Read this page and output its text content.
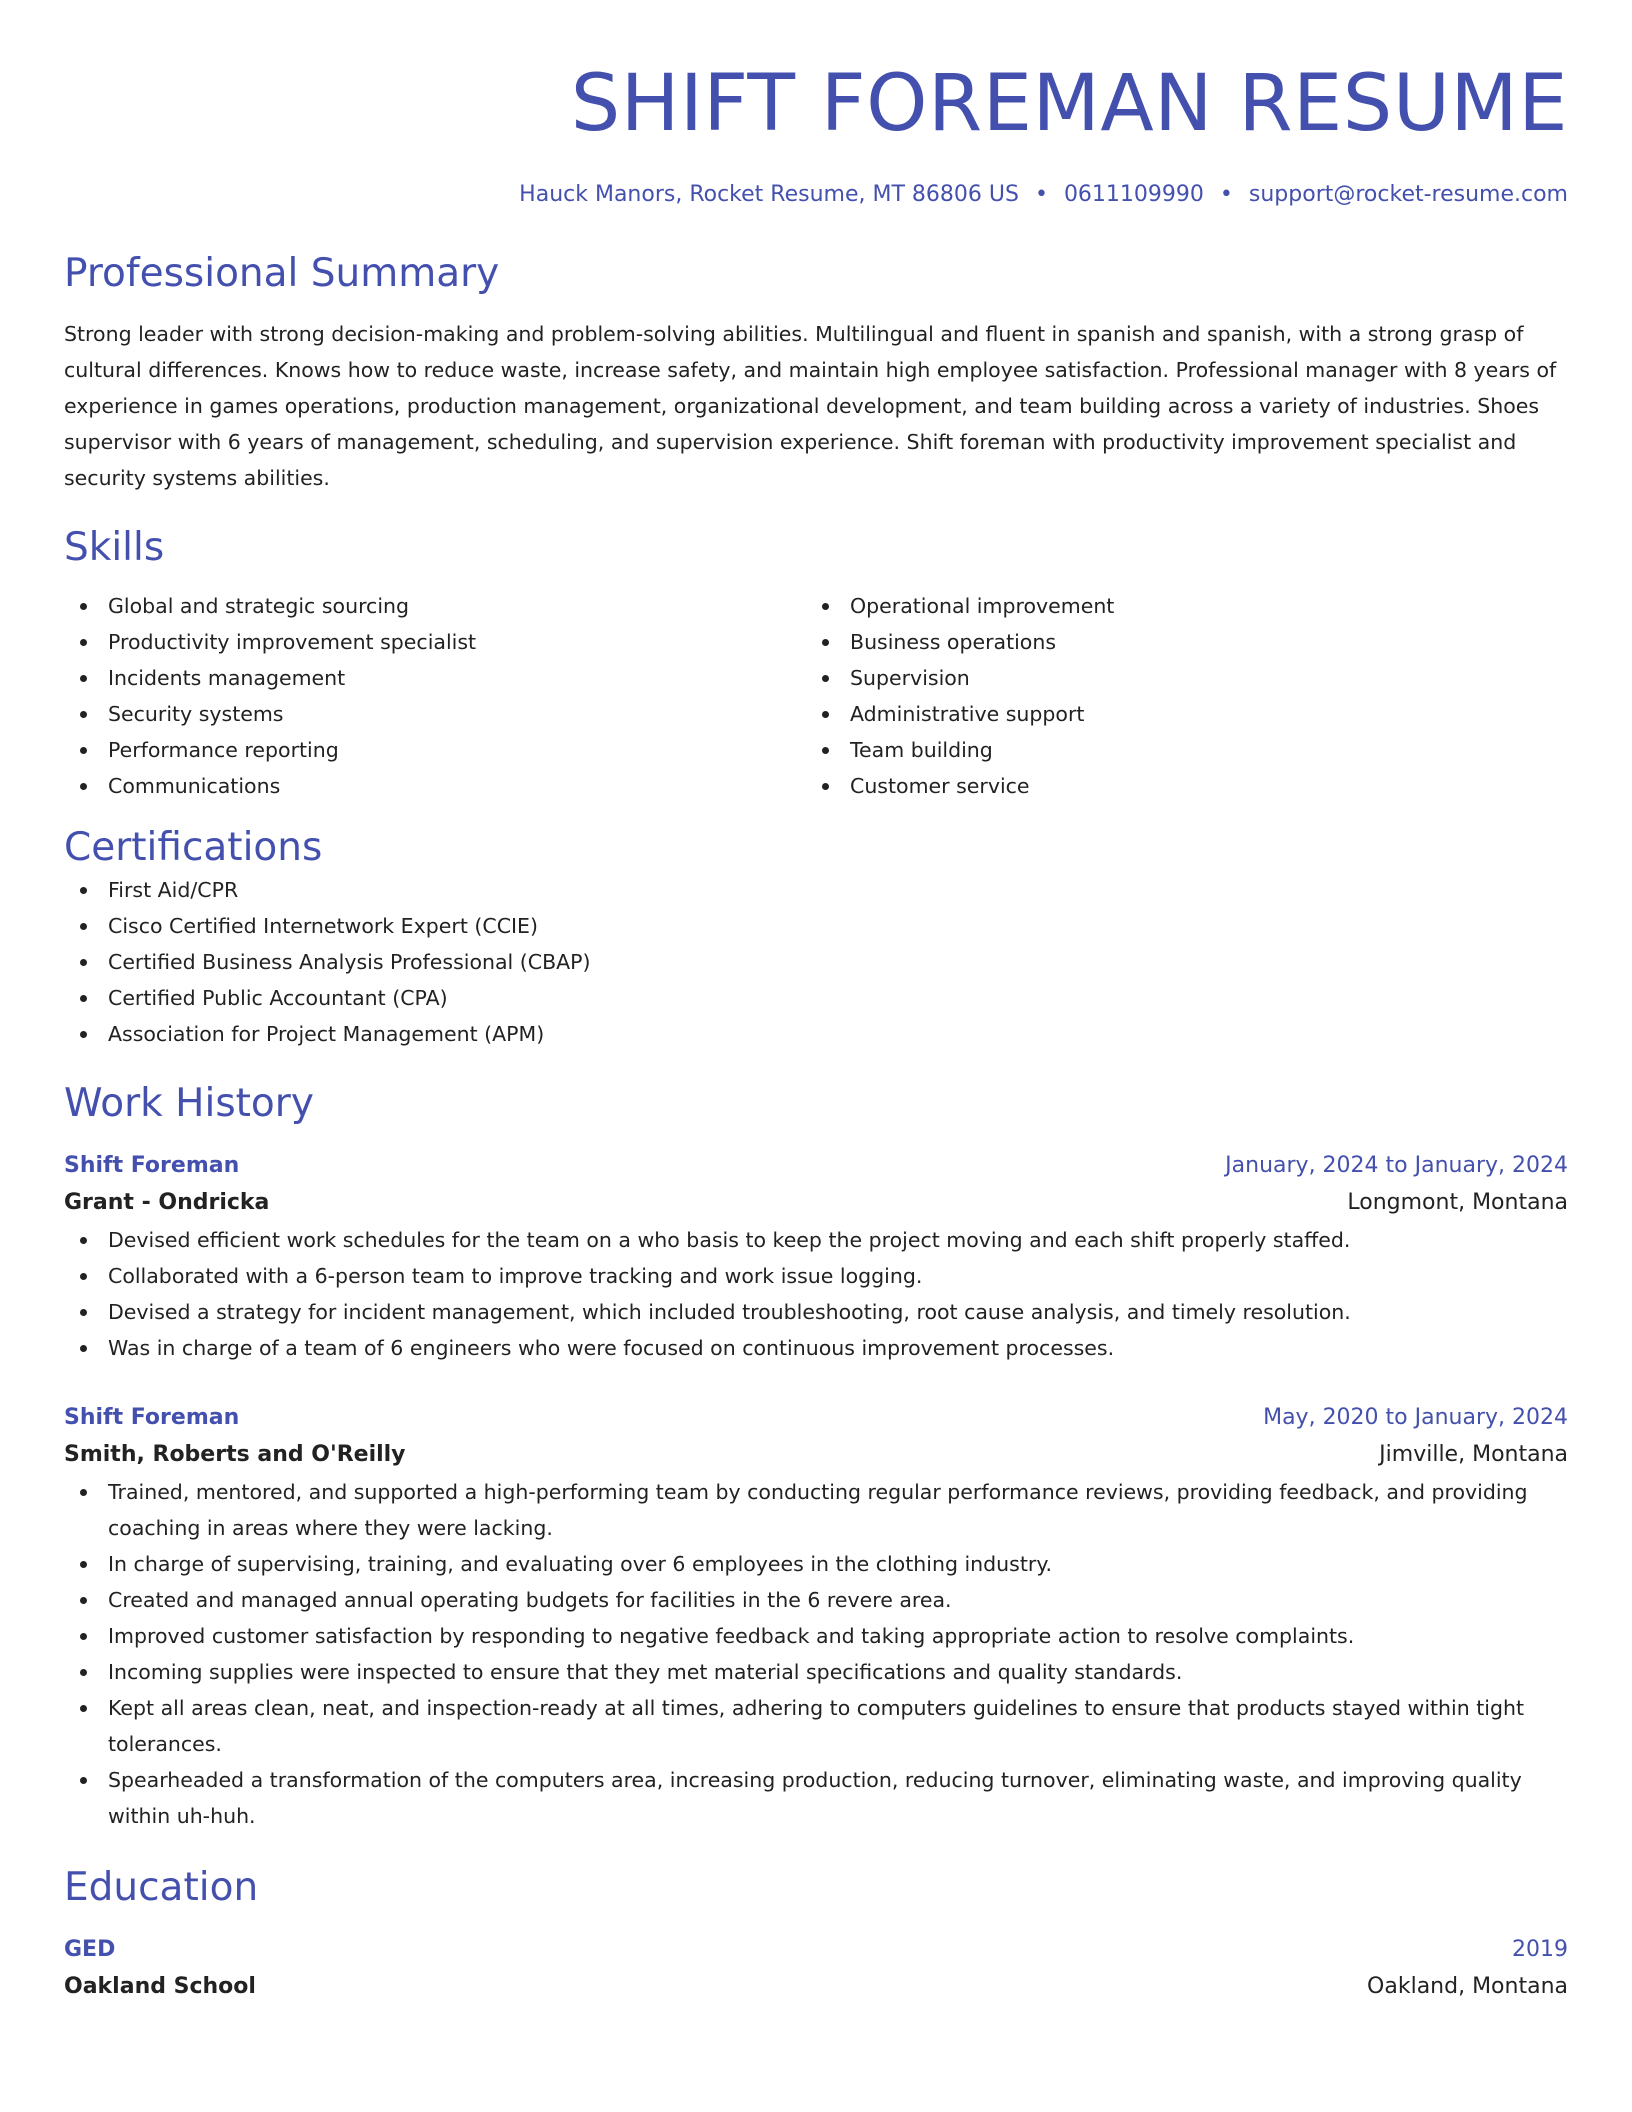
SHIFT FOREMAN RESUME
Hauck Manors, Rocket Resume, MT 86806 US • 0611109990 • support@rocket-resume.com
Professional Summary

Strong leader with strong decision-making and problem-solving abilities. Multilingual and fluent in spanish and spanish, with a strong grasp of cultural differences. Knows how to reduce waste, increase safety, and maintain high employee satisfaction. Professional manager with 8 years of experience in games operations, production management, organizational development, and team building across a variety of industries. Shoes supervisor with 6 years of management, scheduling, and supervision experience. Shift foreman with productivity improvement specialist and security systems abilities.

Skills
Global and strategic sourcing
Productivity improvement specialist
Incidents management
Security systems
Performance reporting
Communications
Operational improvement
Business operations
Supervision
Administrative support
Team building
Customer service
Certifications
First Aid/CPR
Cisco Certified Internetwork Expert (CCIE)
Certified Business Analysis Professional (CBAP)
Certified Public Accountant (CPA)
Association for Project Management (APM)
Work History
Shift Foreman	January, 2024 to January, 2024
Grant - Ondricka	Longmont, Montana
Devised efficient work schedules for the team on a who basis to keep the project moving and each shift properly staffed.
Collaborated with a 6-person team to improve tracking and work issue logging.
Devised a strategy for incident management, which included troubleshooting, root cause analysis, and timely resolution.
Was in charge of a team of 6 engineers who were focused on continuous improvement processes.
Shift Foreman	May, 2020 to January, 2024
Smith, Roberts and O'Reilly	Jimville, Montana
Trained, mentored, and supported a high-performing team by conducting regular performance reviews, providing feedback, and providing coaching in areas where they were lacking.
In charge of supervising, training, and evaluating over 6 employees in the clothing industry.
Created and managed annual operating budgets for facilities in the 6 revere area.
Improved customer satisfaction by responding to negative feedback and taking appropriate action to resolve complaints.
Incoming supplies were inspected to ensure that they met material specifications and quality standards.
Kept all areas clean, neat, and inspection-ready at all times, adhering to computers guidelines to ensure that products stayed within tight tolerances.
Spearheaded a transformation of the computers area, increasing production, reducing turnover, eliminating waste, and improving quality within uh-huh.
Education
GED	2019
Oakland School	Oakland, Montana
